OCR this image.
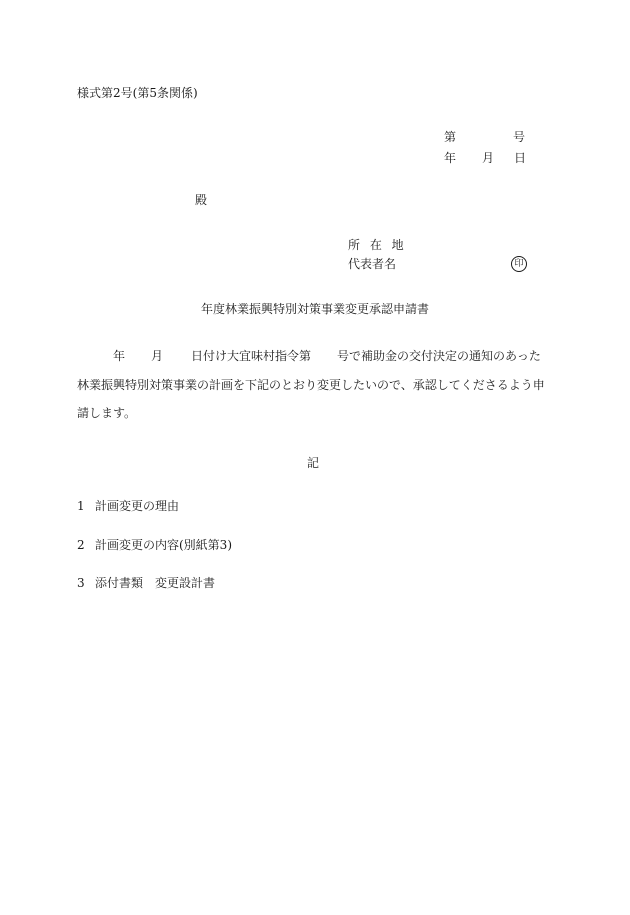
様式第2号(第5条関係)
第	号
年 月 日
殿
所 在 地
代表者名	印
年度林業振興特別対策事業変更承認申請書
年 月 日付け大宜味村指令第 号で補助金の交付決定の通知のあった林業振興特別対策事業の計画を下記のとおり変更したいので、承認してくださるよう申請します。
記
1 計画変更の理由
2 計画変更の内容(別紙第3)
3 添付書類　変更設計書
